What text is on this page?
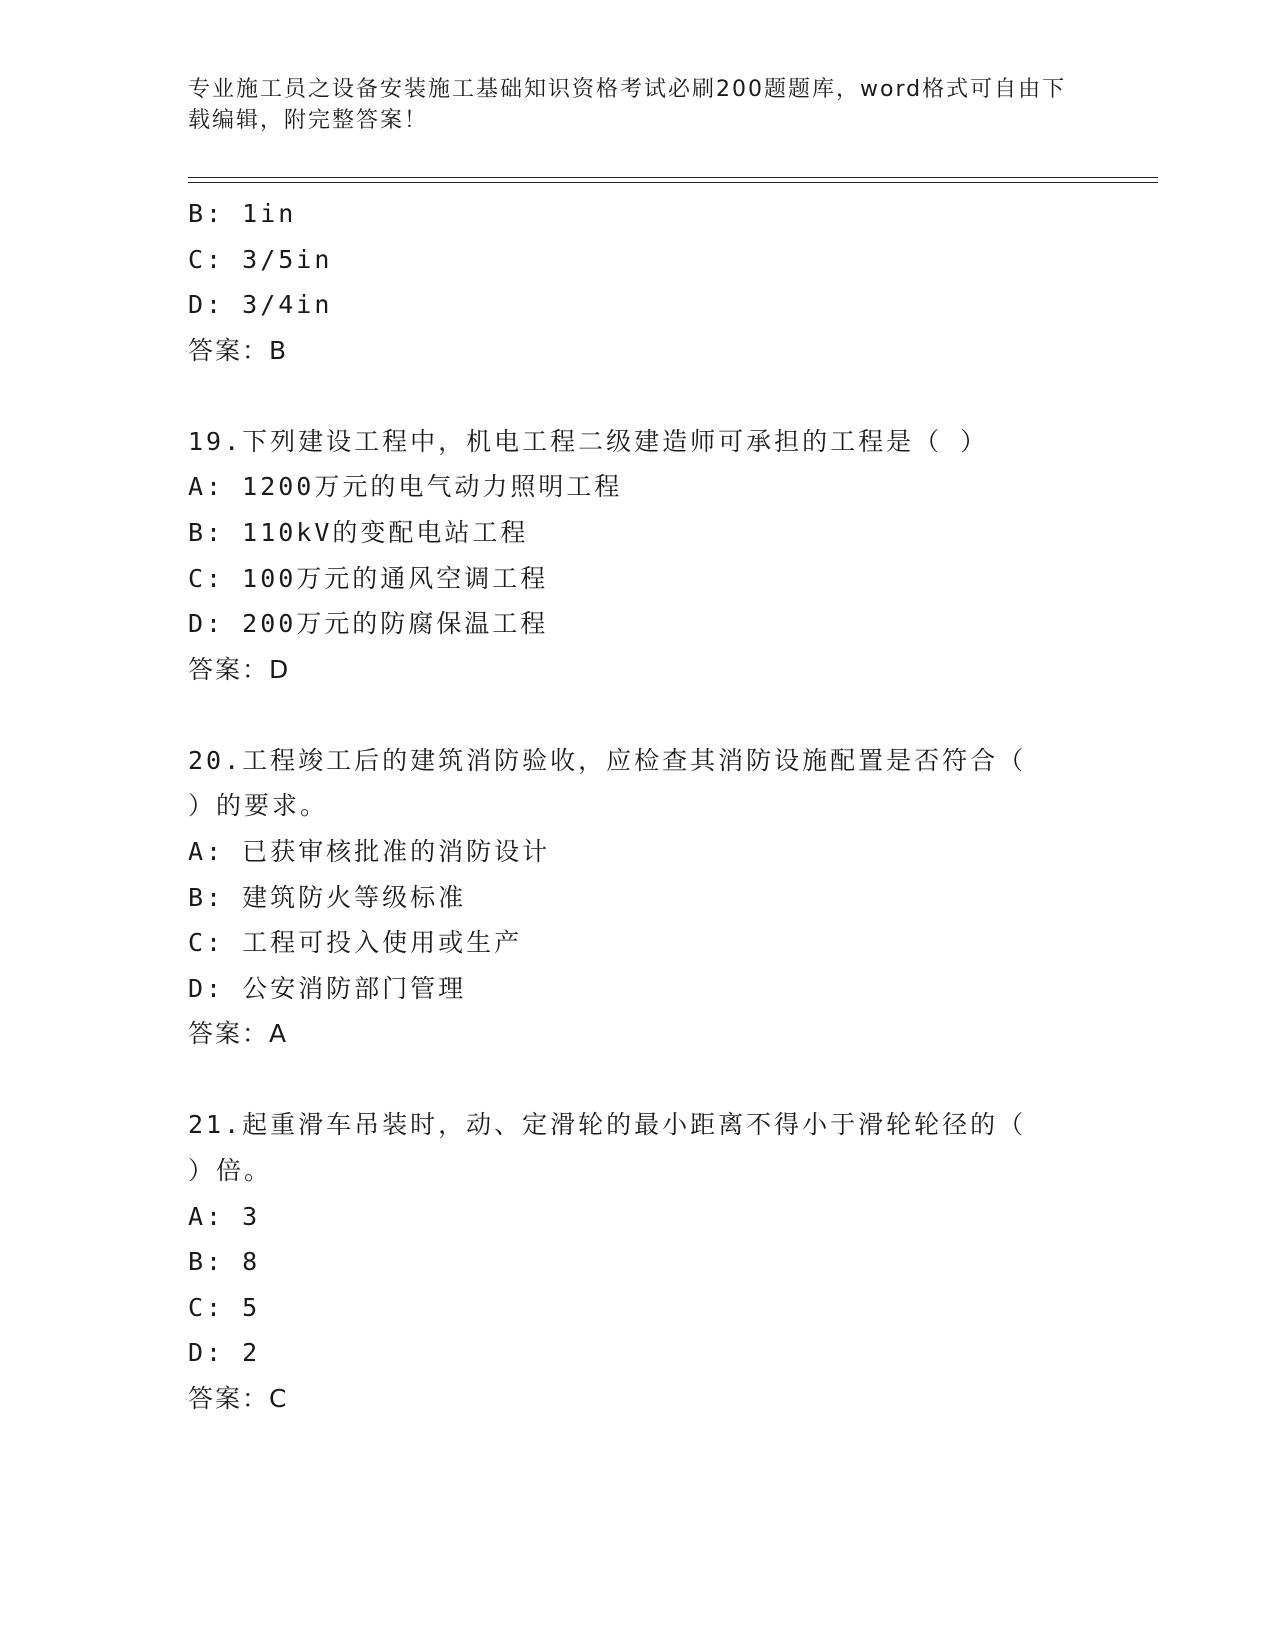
专业施工员之设备安装施工基础知识资格考试必刷200题题库，word格式可自由下载编辑，附完整答案！
B: 1in
C: 3/5in
D: 3/4in
答案：B
19.下列建设工程中，机电工程二级建造师可承担的工程是（ ）
A: 1200万元的电气动力照明工程
B: 110kV的变配电站工程
C: 100万元的通风空调工程
D: 200万元的防腐保温工程
答案：D
20.工程竣工后的建筑消防验收，应检查其消防设施配置是否符合（
）的要求。
A: 已获审核批准的消防设计
B: 建筑防火等级标准
C: 工程可投入使用或生产
D: 公安消防部门管理
答案：A
21.起重滑车吊装时，动、定滑轮的最小距离不得小于滑轮轮径的（
）倍。
A: 3
B: 8
C: 5
D: 2
答案：C
